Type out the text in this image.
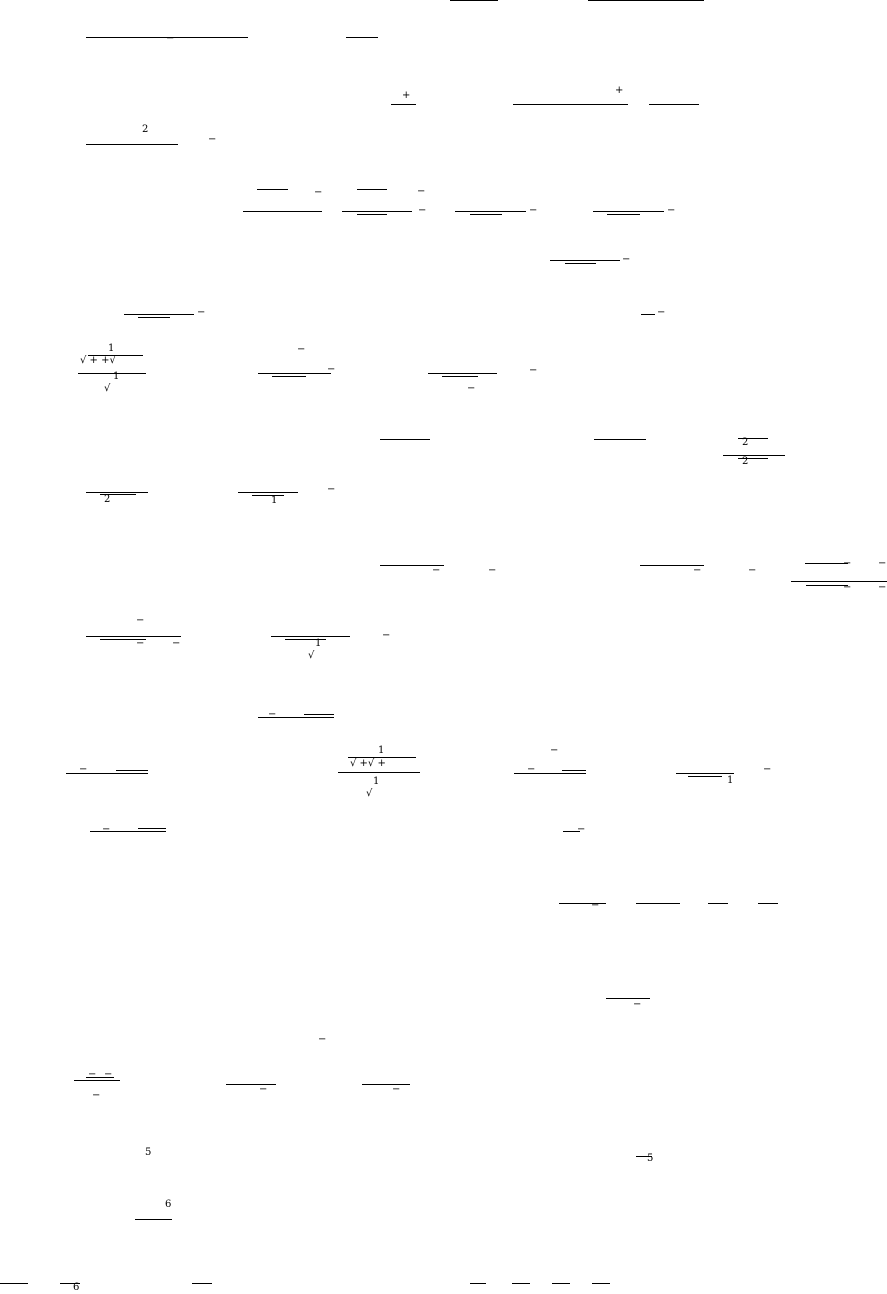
−
+	+
2
−
−	−
−	−	−
−
−	−
1
√ + +√
1
√
−
−	−
−
2
2
2	1
−
−	−	−	−
−	−
−	−
−
−	−	1
√
−
−
1
√ +√ +
1
√
−
−
1
−
−
−	−
−
−
−
− −
−
−	−
5
5
6
6
